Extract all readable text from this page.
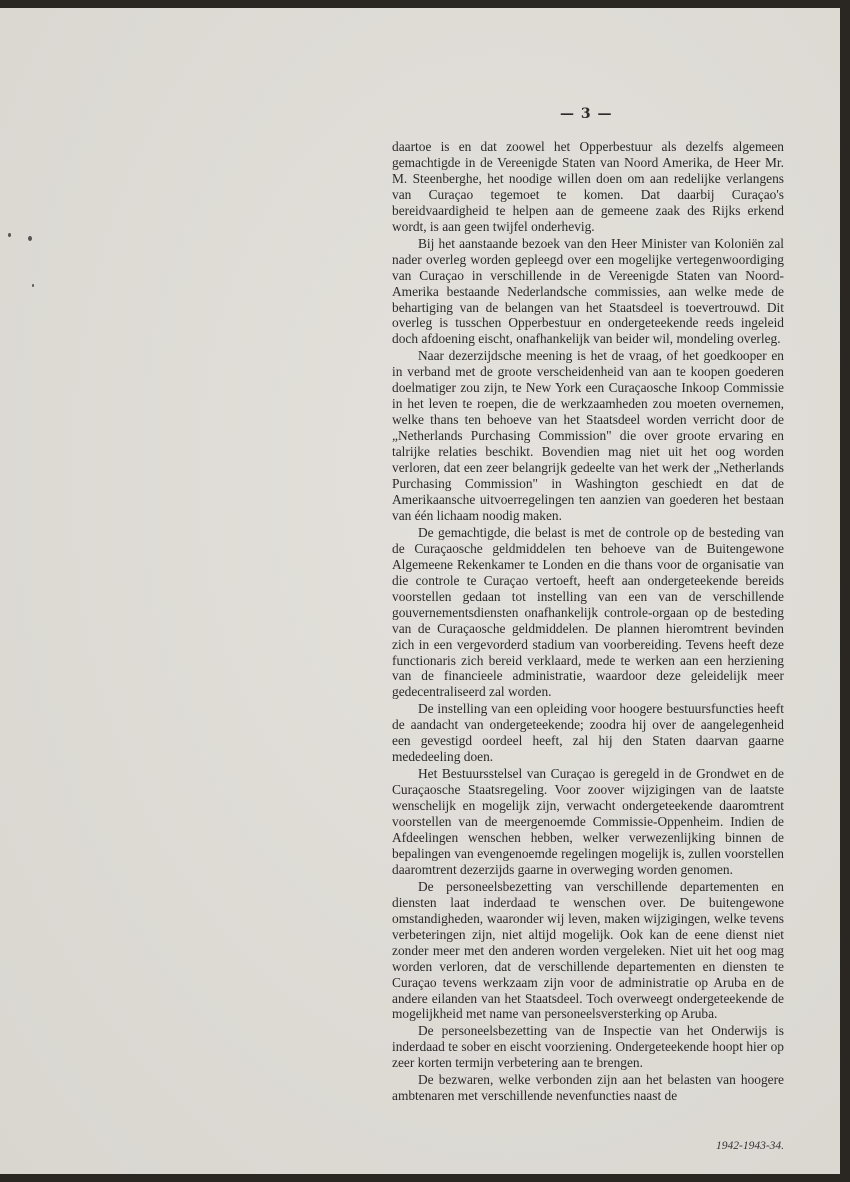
— 3 —

daartoe is en dat zoowel het Opperbestuur als dezelfs algemeen gemachtigde in de Vereenigde Staten van Noord Amerika, de Heer Mr. M. Steenberghe, het noodige willen doen om aan redelijke verlangens van Curaçao tegemoet te komen. Dat daarbij Curaçao's bereidvaardigheid te helpen aan de gemeene zaak des Rijks erkend wordt, is aan geen twijfel onderhevig.

Bij het aanstaande bezoek van den Heer Minister van Koloniën zal nader overleg worden gepleegd over een mogelijke vertegenwoordiging van Curaçao in verschillende in de Vereenigde Staten van Noord-Amerika bestaande Nederlandsche commissies, aan welke mede de behartiging van de belangen van het Staatsdeel is toevertrouwd. Dit overleg is tusschen Opperbestuur en ondergeteekende reeds ingeleid doch afdoening eischt, onafhankelijk van beider wil, mondeling overleg.

Naar dezerzijdsche meening is het de vraag, of het goedkooper en in verband met de groote verscheidenheid van aan te koopen goederen doelmatiger zou zijn, te New York een Curaçaosche Inkoop Commissie in het leven te roepen, die de werkzaamheden zou moeten overnemen, welke thans ten behoeve van het Staatsdeel worden verricht door de „Netherlands Purchasing Commission" die over groote ervaring en talrijke relaties beschikt. Bovendien mag niet uit het oog worden verloren, dat een zeer belangrijk gedeelte van het werk der „Netherlands Purchasing Commission" in Washington geschiedt en dat de Amerikaansche uitvoerregelingen ten aanzien van goederen het bestaan van één lichaam noodig maken.

De gemachtigde, die belast is met de controle op de besteding van de Curaçaosche geldmiddelen ten behoeve van de Buitengewone Algemeene Rekenkamer te Londen en die thans voor de organisatie van die controle te Curaçao vertoeft, heeft aan ondergeteekende bereids voorstellen gedaan tot instelling van een van de verschillende gouvernementsdiensten onafhankelijk controle-orgaan op de besteding van de Curaçaosche geldmiddelen. De plannen hieromtrent bevinden zich in een vergevorderd stadium van voorbereiding. Tevens heeft deze functionaris zich bereid verklaard, mede te werken aan een herziening van de financieele administratie, waardoor deze geleidelijk meer gedecentraliseerd zal worden.

De instelling van een opleiding voor hoogere bestuursfuncties heeft de aandacht van ondergeteekende; zoodra hij over de aangelegenheid een gevestigd oordeel heeft, zal hij den Staten daarvan gaarne mededeeling doen.

Het Bestuursstelsel van Curaçao is geregeld in de Grondwet en de Curaçaosche Staatsregeling. Voor zoover wijzigingen van de laatste wenschelijk en mogelijk zijn, verwacht ondergeteekende daaromtrent voorstellen van de meergenoemde Commissie-Oppenheim. Indien de Afdeelingen wenschen hebben, welker verwezenlijking binnen de bepalingen van evengenoemde regelingen mogelijk is, zullen voorstellen daaromtrent dezerzijds gaarne in overweging worden genomen.

De personeelsbezetting van verschillende departementen en diensten laat inderdaad te wenschen over. De buitengewone omstandigheden, waaronder wij leven, maken wijzigingen, welke tevens verbeteringen zijn, niet altijd mogelijk. Ook kan de eene dienst niet zonder meer met den anderen worden vergeleken. Niet uit het oog mag worden verloren, dat de verschillende departementen en diensten te Curaçao tevens werkzaam zijn voor de administratie op Aruba en de andere eilanden van het Staatsdeel. Toch overweegt ondergeteekende de mogelijkheid met name van personeelsversterking op Aruba.

De personeelsbezetting van de Inspectie van het Onderwijs is inderdaad te sober en eischt voorziening. Ondergeteekende hoopt hier op zeer korten termijn verbetering aan te brengen.

De bezwaren, welke verbonden zijn aan het belasten van hoogere ambtenaren met verschillende nevenfuncties naast de

1942-1943-34.
